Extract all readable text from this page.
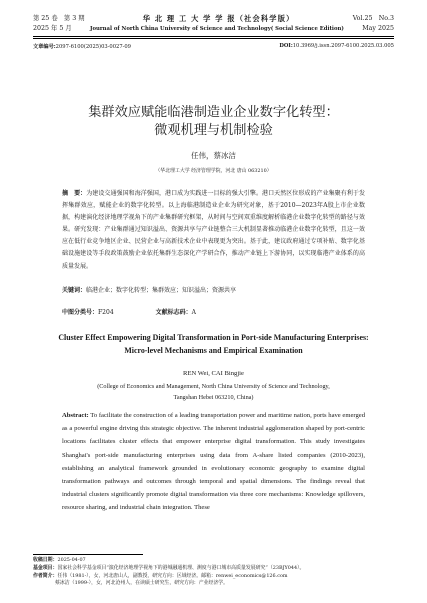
第 25 卷　第 3 期	华 北 理 工 大 学 学 报（社会科学版）	Vol.25　No.3
2025 年 5 月	Journal of North China University of Science and Technology( Social Science Edition)	May 2025
文章编号:2097-6100(2025)03-0027-09	DOI:10.3969/j.issn.2097-6100.2025.03.005
集群效应赋能临港制造业企业数字化转型：
微观机理与机制检验
任伟，蔡冰洁
（华北理工大学 经济管理学院，河北 唐山 063210）
摘　要：为建设交通强国和海洋强国，港口成为实践进一目标的强大引擎。港口天然区位形成的产业集聚有利于发挥集群效应，赋能企业的数字化转型。以上海临港制造业企业为研究对象，基于2010—2023年A股上市企业数据，构建演化经济地理学视角下的产业集群研究框架，从时间与空间双重维度解析临港企业数字化转型的路径与效果。研究发现：产业集群通过知识溢出、资源共享与产业链整合三大机制显著推动临港企业数字化转型，且这一效应在低行业竞争地区企业、民营企业与高新技术企业中表现更为突出。基于此，建议政府通过专项补贴、数字化基础设施建设等手段政策鼓励企业依托集群生态深化产学研合作，推动产业链上下游协同，以实现临港产业体系的高质量发展。
关键词：临港企业；数字化转型；集群效应；知识溢出；资源共享
中图分类号：F204	文献标志码：A
Cluster Effect Empowering Digital Transformation in Port-side Manufacturing Enterprises:
Micro-level Mechanisms and Empirical Examination
REN Wei, CAI Bingjie
(College of Economics and Management, North China University of Science and Technology,
Tangshan Hebei 063210, China)
Abstract: To facilitate the construction of a leading transportation power and maritime nation, ports have emerged as a powerful engine driving this strategic objective. The inherent industrial agglomeration shaped by port-centric locations facilitates cluster effects that empower enterprise digital transformation. This study investigates Shanghai's port-side manufacturing enterprises using data from A-share listed companies (2010-2023), establishing an analytical framework grounded in evolutionary economic geography to examine digital transformation pathways and outcomes through temporal and spatial dimensions. The findings reveal that industrial clusters significantly promote digital transformation via three core mechanisms: Knowledge spillovers, resource sharing, and industrial chain integration. These
收稿日期：2025-04-07
基金项目：国家社会科学基金项目“演化经济地理学视角下的港城融通机理、测度与港口城市高质量发展研究”（23BJY044）。
作者简介：任伟（1981-），女，河北唐山人，副教授，研究方向：区域经济。邮箱：renwei_economics@126.com
蔡冰洁（1999-），女，河北沧州人，在读硕士研究生，研究方向：产业经济学。
